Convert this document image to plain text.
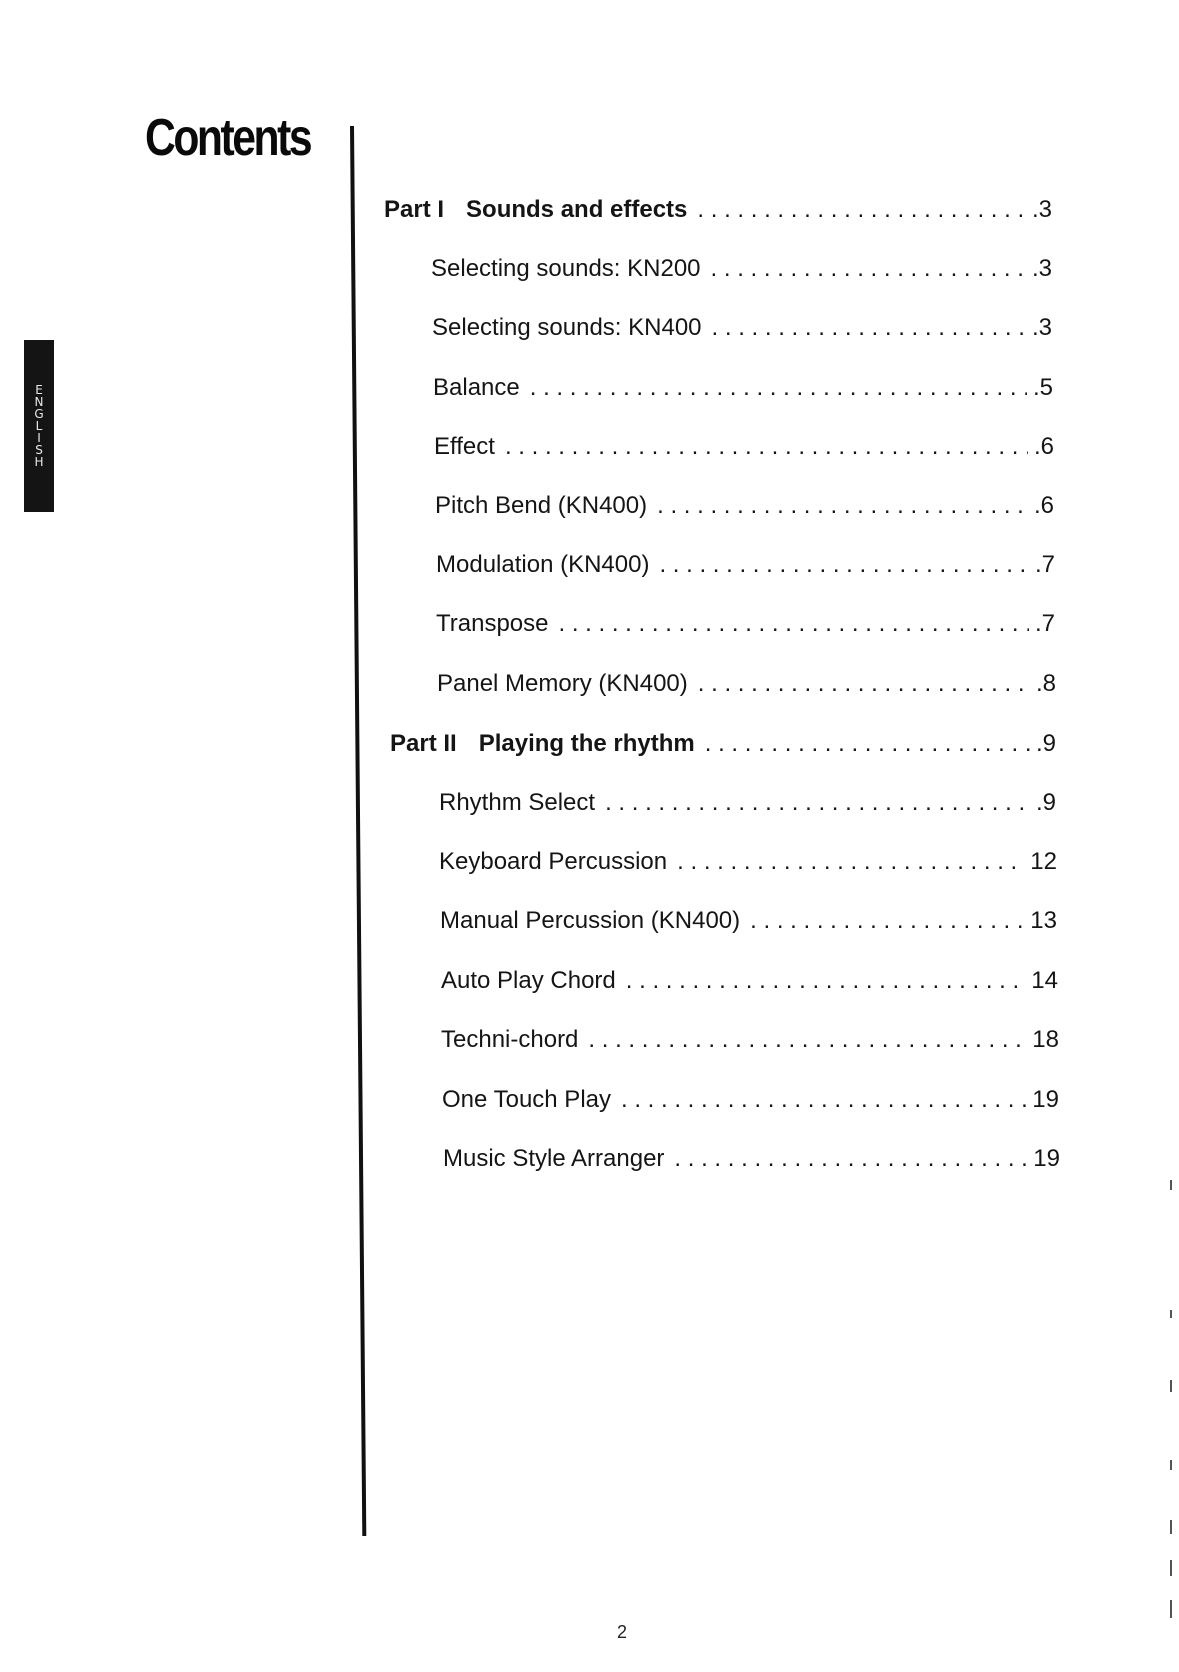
Contents
ENGLISH
Part I Sounds and effects . . .	.3
Selecting sounds: KN200 . . .	.3
Selecting sounds: KN400 . . .	.3
Balance . . .	.5
Effect . . .	.6
Pitch Bend (KN400) . . .	.6
Modulation (KN400) . . .	.7
Transpose . . .	.7
Panel Memory (KN400) . . .	.8
Part II Playing the rhythm . . .	.9
Rhythm Select . . .	.9
Keyboard Percussion . . .	12
Manual Percussion (KN400) . . .	13
Auto Play Chord . . .	14
Techni-chord . . .	18
One Touch Play . . .	19
Music Style Arranger . . .	19
2
